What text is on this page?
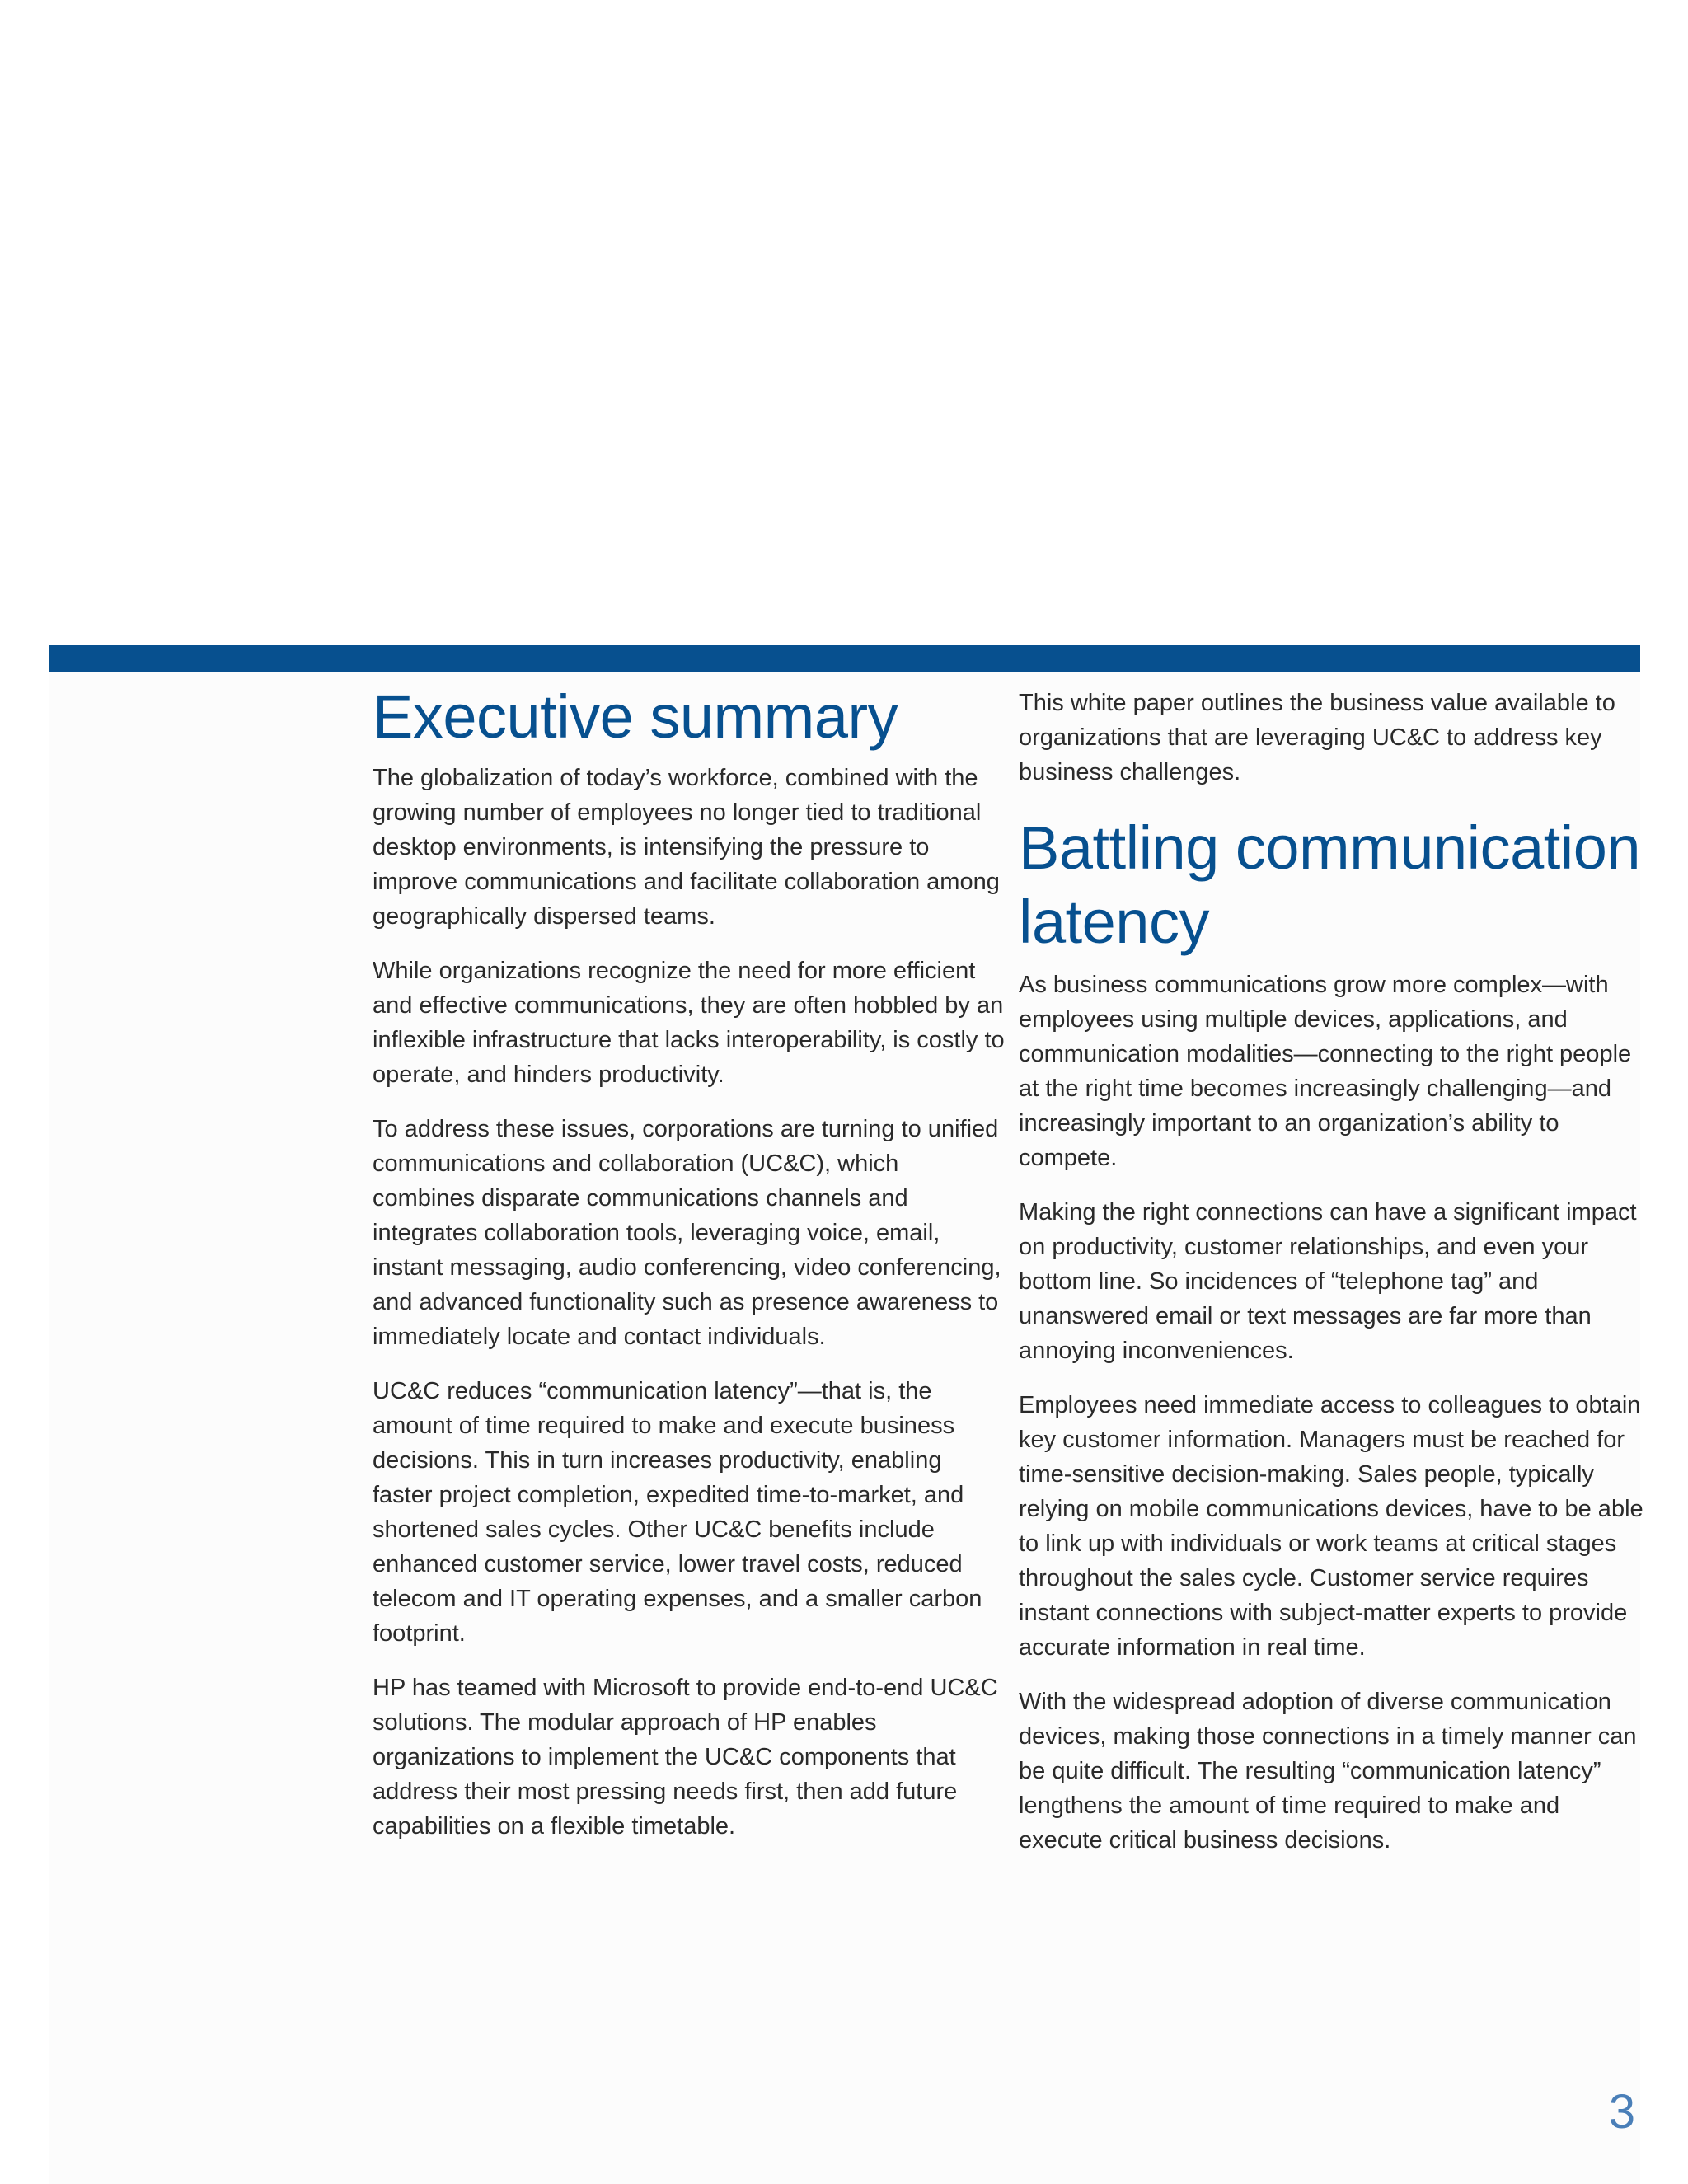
Executive summary

The globalization of today’s workforce, combined with the growing number of employees no longer tied to traditional desktop environments, is intensifying the pressure to improve communications and facilitate collaboration among geographically dispersed teams.

While organizations recognize the need for more efficient and effective communications, they are often hobbled by an inflexible infrastructure that lacks interoperability, is costly to operate, and hinders productivity.

To address these issues, corporations are turning to unified communications and collaboration (UC&C), which combines disparate communications channels and integrates collaboration tools, leveraging voice, email, instant messaging, audio conferencing, video conferencing, and advanced functionality such as presence awareness to immediately locate and contact individuals.

UC&C reduces “communication latency”—that is, the amount of time required to make and execute business decisions. This in turn increases productivity, enabling faster project completion, expedited time-to-market, and shortened sales cycles. Other UC&C benefits include enhanced customer service, lower travel costs, reduced telecom and IT operating expenses, and a smaller carbon footprint.

HP has teamed with Microsoft to provide end-to-end UC&C solutions. The modular approach of HP enables organizations to implement the UC&C components that address their most pressing needs first, then add future capabilities on a flexible timetable.

This white paper outlines the business value available to organizations that are leveraging UC&C to address key business challenges.

Battling communication latency

As business communications grow more complex—with employees using multiple devices, applications, and communication modalities—connecting to the right people at the right time becomes increasingly challenging—and increasingly important to an organization’s ability to compete.

Making the right connections can have a significant impact on productivity, customer relationships, and even your bottom line. So incidences of “telephone tag” and unanswered email or text messages are far more than annoying inconveniences.

Employees need immediate access to colleagues to obtain key customer information. Managers must be reached for time-sensitive decision-making. Sales people, typically relying on mobile communications devices, have to be able to link up with individuals or work teams at critical stages throughout the sales cycle. Customer service requires instant connections with subject-matter experts to provide accurate information in real time.

With the widespread adoption of diverse communication devices, making those connections in a timely manner can be quite difficult. The resulting “communication latency” lengthens the amount of time required to make and execute critical business decisions.

3
